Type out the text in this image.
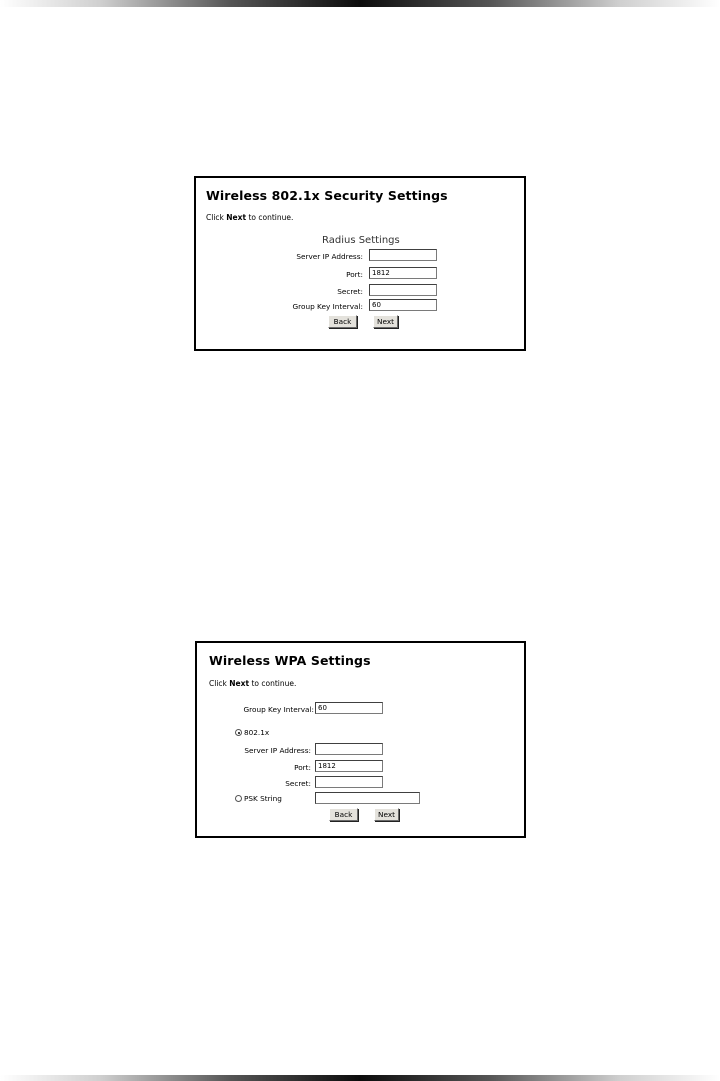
Wireless 802.1x Security Settings
Click Next to continue.
Radius Settings
Server IP Address:
Port:	1812
Secret:
Group Key Interval:	60
Back	Next
Wireless WPA Settings
Click Next to continue.
Group Key Interval: 60
802.1x
Server IP Address:
Port:	1812
Secret:
PSK String
Back	Next
